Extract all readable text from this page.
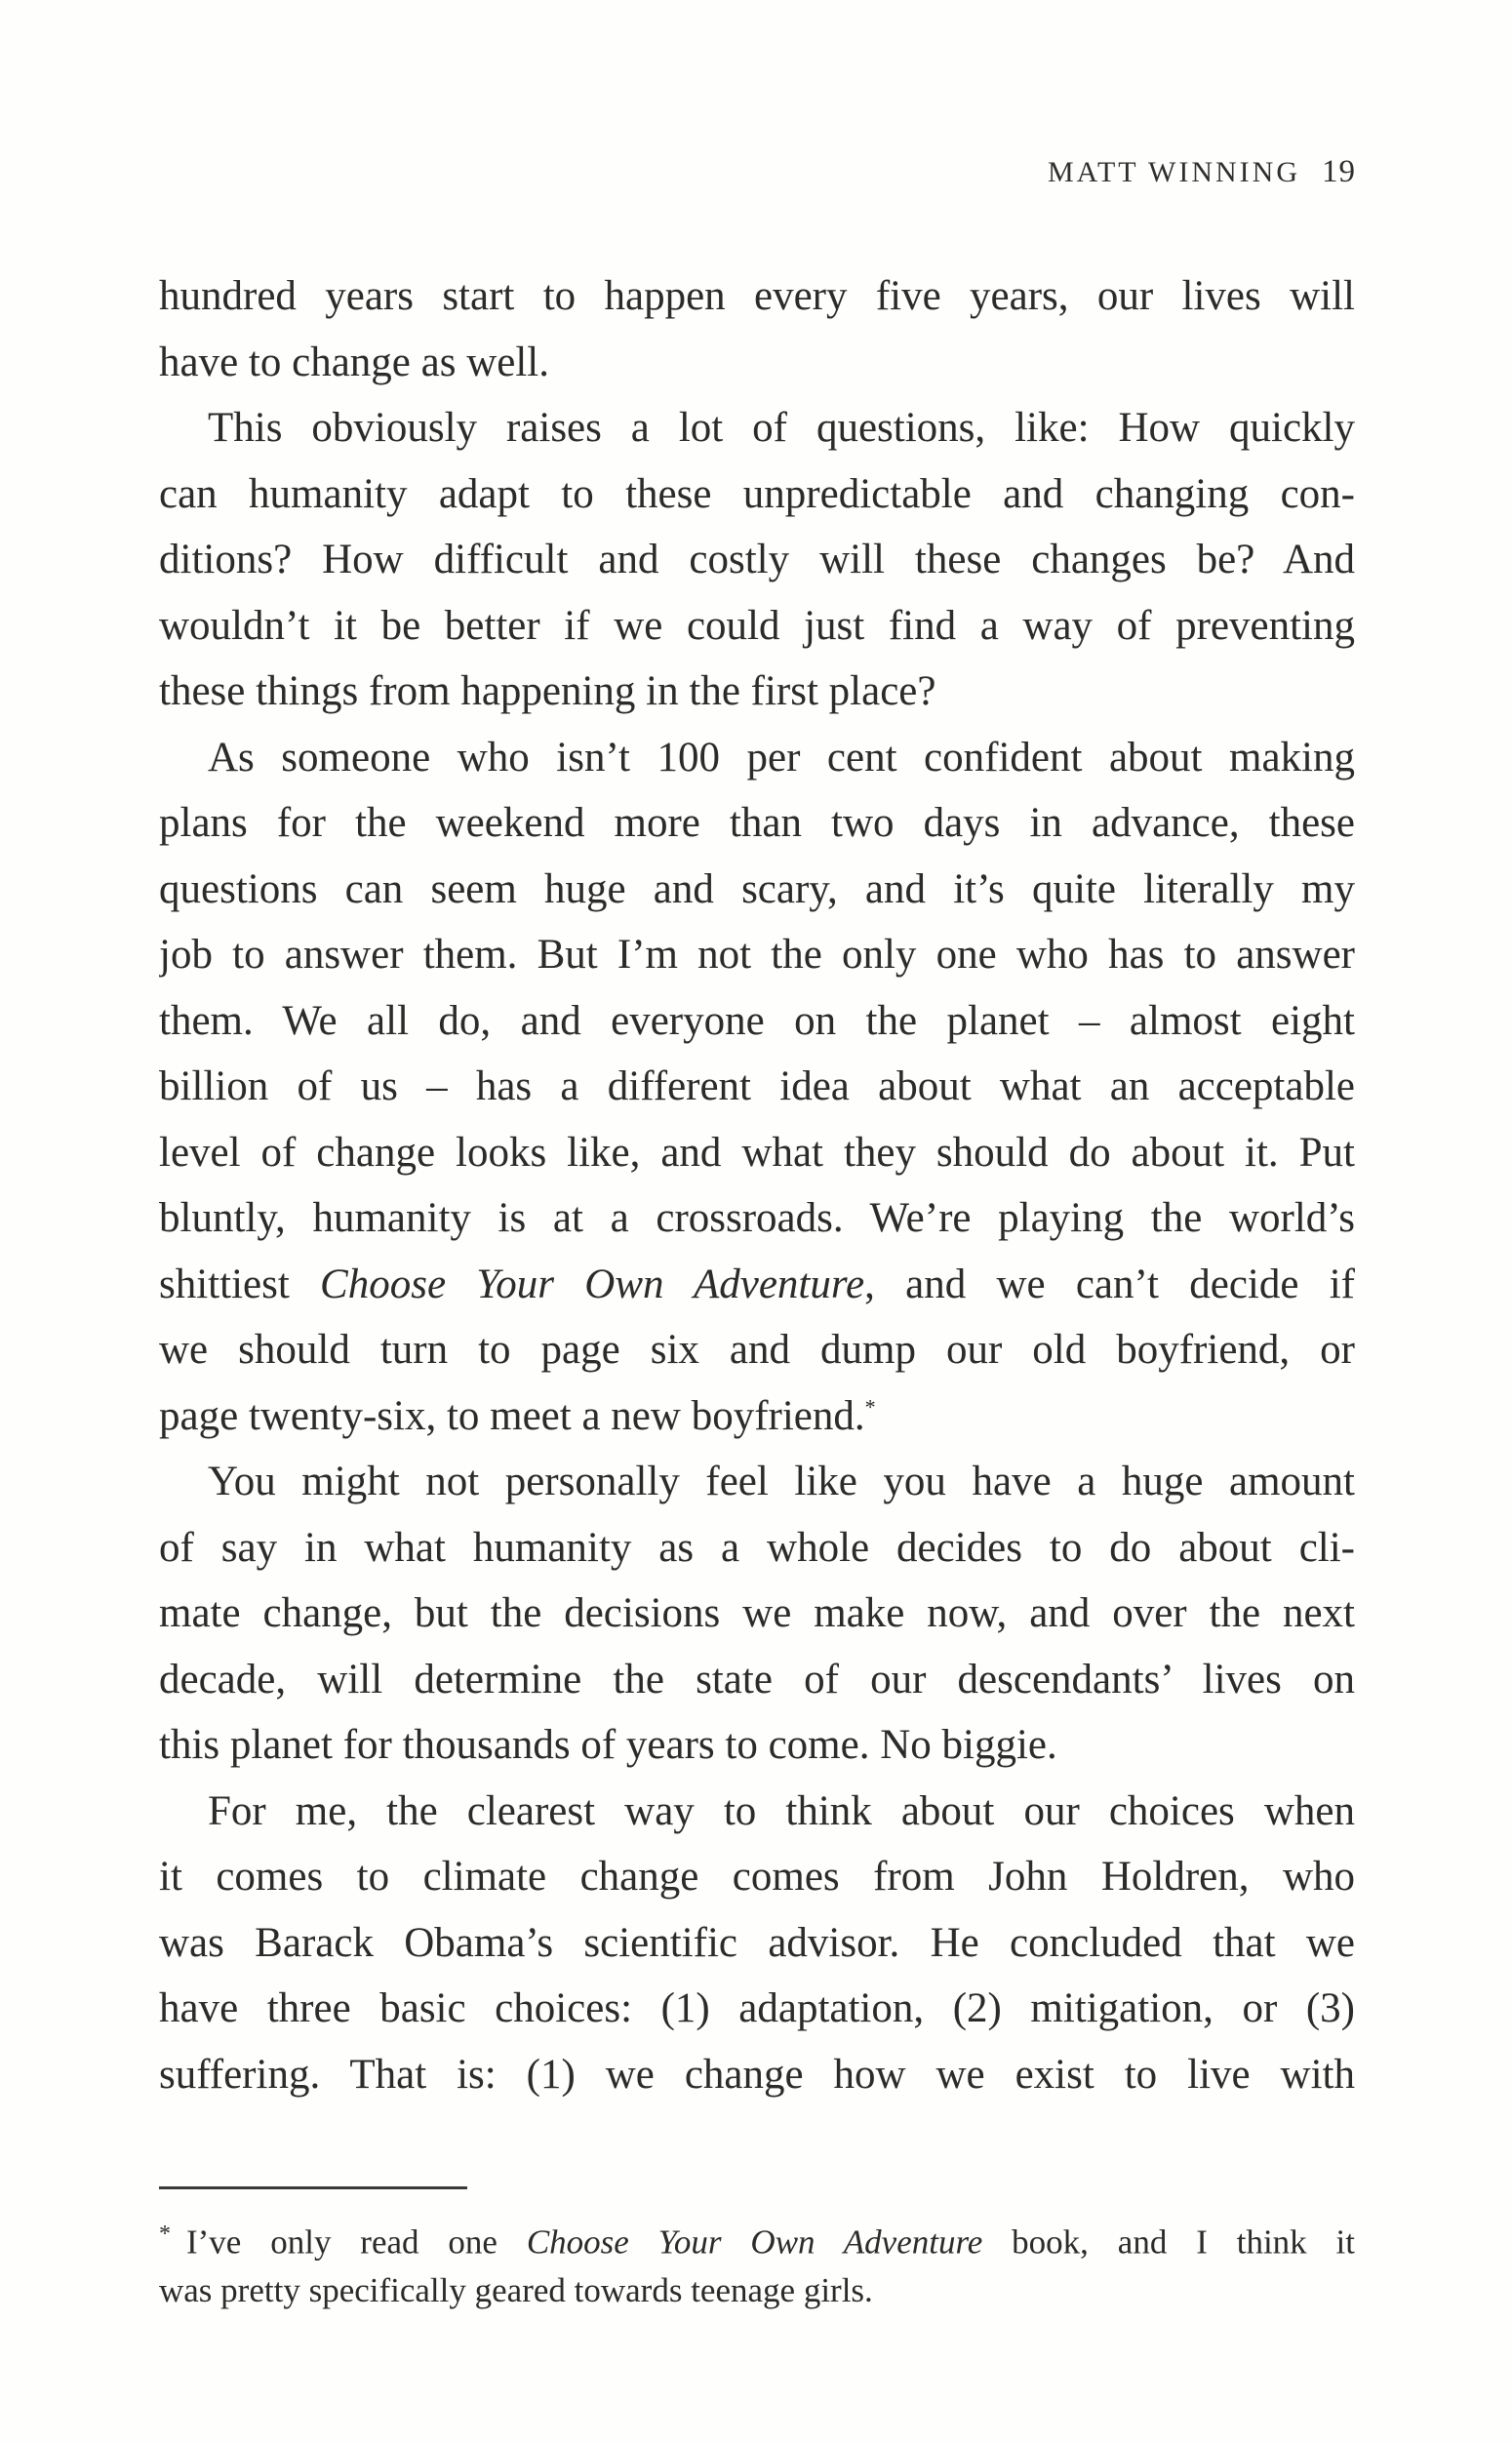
MATT WINNING 19
hundred years start to happen every five years, our lives will
have to change as well.
This obviously raises a lot of questions, like: How quickly
can humanity adapt to these unpredictable and changing con-
ditions? How difficult and costly will these changes be? And
wouldn’t it be better if we could just find a way of preventing
these things from happening in the first place?
As someone who isn’t 100 per cent confident about making
plans for the weekend more than two days in advance, these
questions can seem huge and scary, and it’s quite literally my
job to answer them. But I’m not the only one who has to answer
them. We all do, and everyone on the planet – almost eight
billion of us – has a different idea about what an acceptable
level of change looks like, and what they should do about it. Put
bluntly, humanity is at a crossroads. We’re playing the world’s
shittiest Choose Your Own Adventure, and we can’t decide if
we should turn to page six and dump our old boyfriend, or
page twenty-six, to meet a new boyfriend.*
You might not personally feel like you have a huge amount
of say in what humanity as a whole decides to do about cli-
mate change, but the decisions we make now, and over the next
decade, will determine the state of our descendants’ lives on
this planet for thousands of years to come. No biggie.
For me, the clearest way to think about our choices when
it comes to climate change comes from John Holdren, who
was Barack Obama’s scientific advisor. He concluded that we
have three basic choices: (1) adaptation, (2) mitigation, or (3)
suffering. That is: (1) we change how we exist to live with
* I’ve only read one Choose Your Own Adventure book, and I think it
was pretty specifically geared towards teenage girls.
